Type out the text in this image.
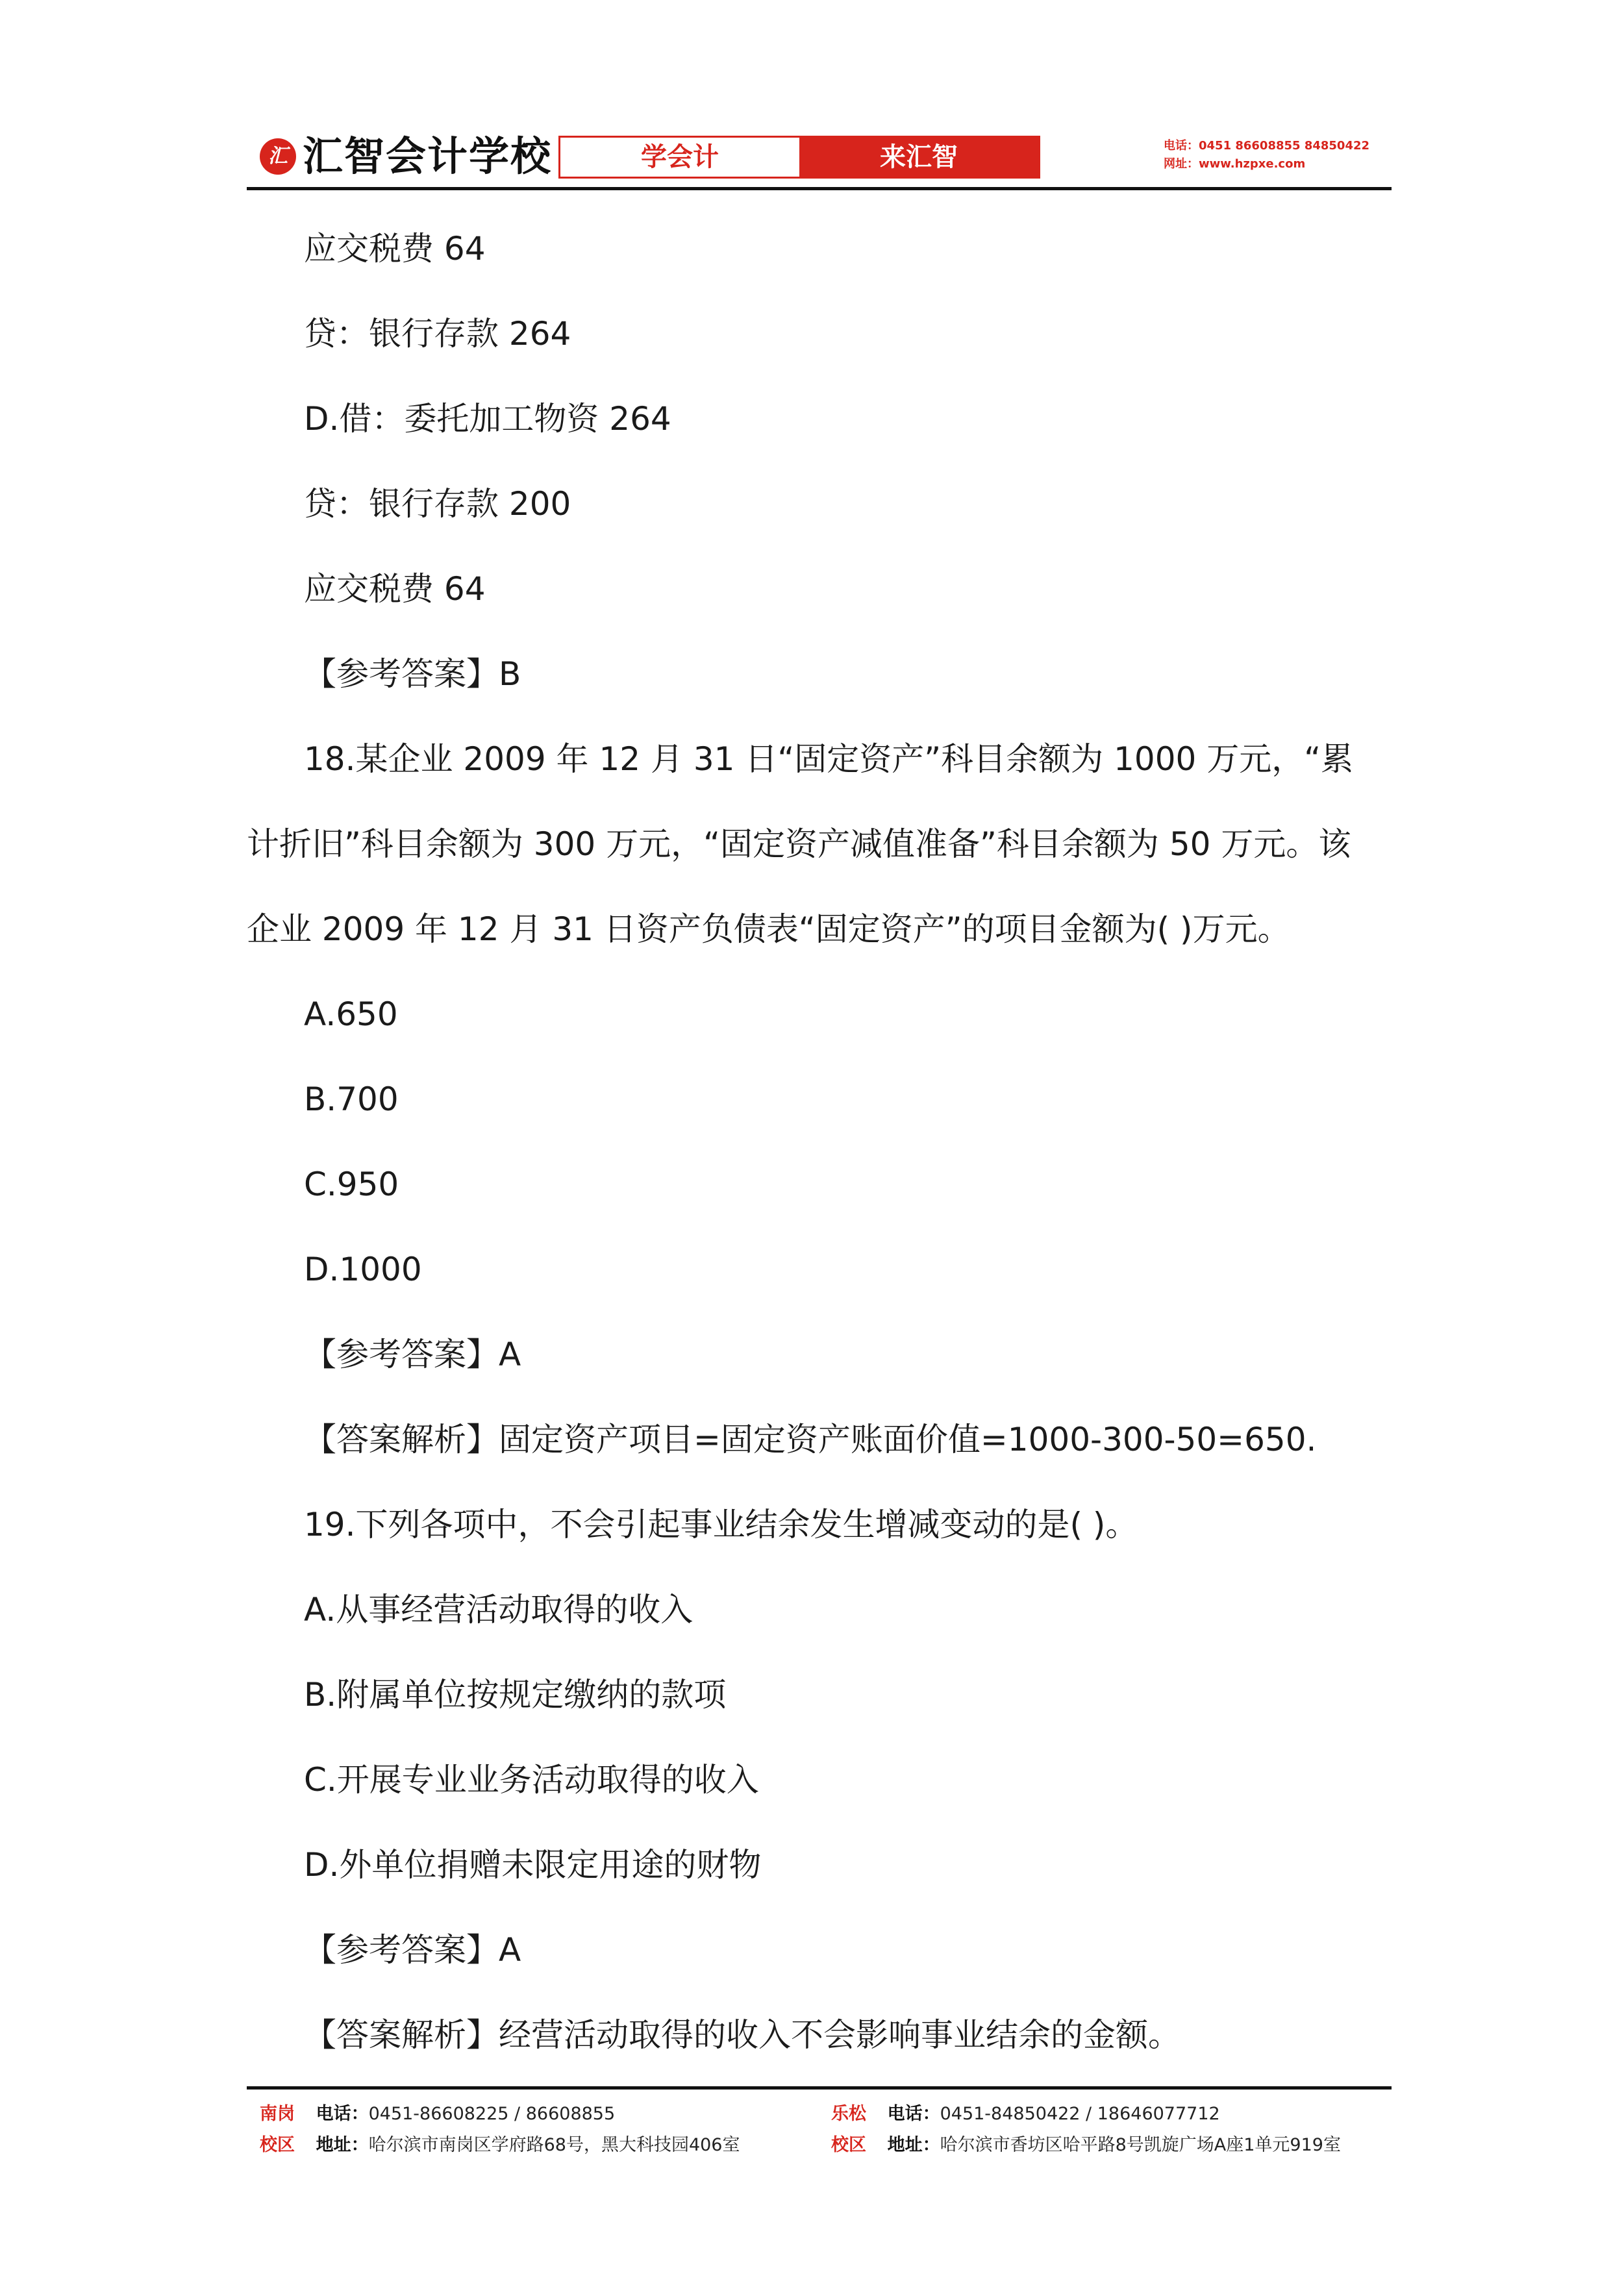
汇 汇智会计学校	学会计	来汇智	电话：0451 86608855 84850422
网址：www.hzpxe.com
应交税费 64
贷：银行存款 264
D.借：委托加工物资 264
贷：银行存款 200
应交税费 64
【参考答案】B
18.某企业 2009 年 12 月 31 日“固定资产”科目余额为 1000 万元，“累
计折旧”科目余额为 300 万元，“固定资产减值准备”科目余额为 50 万元。该
企业 2009 年 12 月 31 日资产负债表“固定资产”的项目金额为( )万元。
A.650
B.700
C.950
D.1000
【参考答案】A
【答案解析】固定资产项目=固定资产账面价值=1000-300-50=650.
19.下列各项中，不会引起事业结余发生增减变动的是( )。
A.从事经营活动取得的收入
B.附属单位按规定缴纳的款项
C.开展专业业务活动取得的收入
D.外单位捐赠未限定用途的财物
【参考答案】A
【答案解析】经营活动取得的收入不会影响事业结余的金额。
南岗 电话：0451-86608225 / 86608855
校区 地址：哈尔滨市南岗区学府路68号，黑大科技园406室
乐松 电话：0451-84850422 / 18646077712
校区 地址：哈尔滨市香坊区哈平路8号凯旋广场A座1单元919室
